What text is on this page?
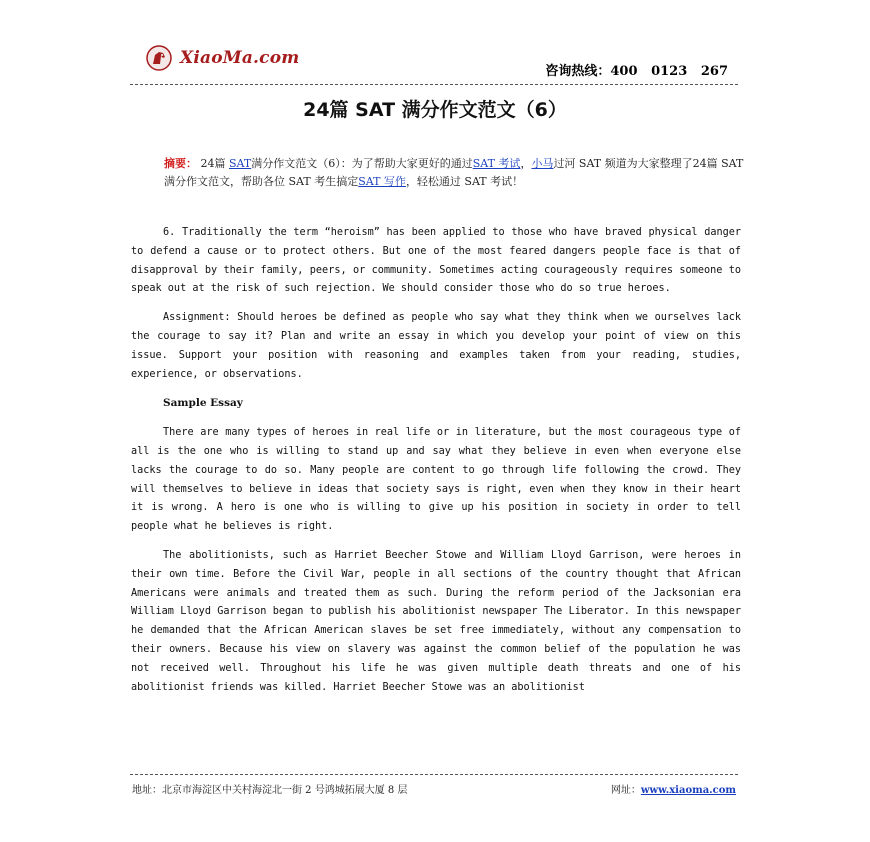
XiaoMa.com
咨询热线：400   0123   267
24篇 SAT 满分作文范文（6）
摘要： 24篇 SAT满分作文范文（6）：为了帮助大家更好的通过SAT 考试，小马过河 SAT 频道为大家整理了24篇 SAT 满分作文范文，帮助各位 SAT 考生搞定SAT 写作，轻松通过 SAT 考试！

6. Traditionally the term “heroism” has been applied to those who have braved physical danger to defend a cause or to protect others. But one of the most feared dangers people face is that of disapproval by their family, peers, or community. Sometimes acting courageously requires someone to speak out at the risk of such rejection. We should consider those who do so true heroes.

Assignment: Should heroes be defined as people who say what they think when we ourselves lack the courage to say it? Plan and write an essay in which you develop your point of view on this issue. Support your position with reasoning and examples taken from your reading, studies, experience, or observations.

Sample Essay

There are many types of heroes in real life or in literature, but the most courageous type of all is the one who is willing to stand up and say what they believe in even when everyone else lacks the courage to do so. Many people are content to go through life following the crowd. They will themselves to believe in ideas that society says is right, even when they know in their heart it is wrong. A hero is one who is willing to give up his position in society in order to tell people what he believes is right.

The abolitionists, such as Harriet Beecher Stowe and William Lloyd Garrison, were heroes in their own time. Before the Civil War, people in all sections of the country thought that African Americans were animals and treated them as such. During the reform period of the Jacksonian era William Lloyd Garrison began to publish his abolitionist newspaper The Liberator. In this newspaper he demanded that the African American slaves be set free immediately, without any compensation to their owners. Because his view on slavery was against the common belief of the population he was not received well. Throughout his life he was given multiple death threats and one of his abolitionist friends was killed. Harriet Beecher Stowe was an abolitionist

地址：北京市海淀区中关村海淀北一街 2 号鸿城拓展大厦 8 层	网址：www.xiaoma.com
